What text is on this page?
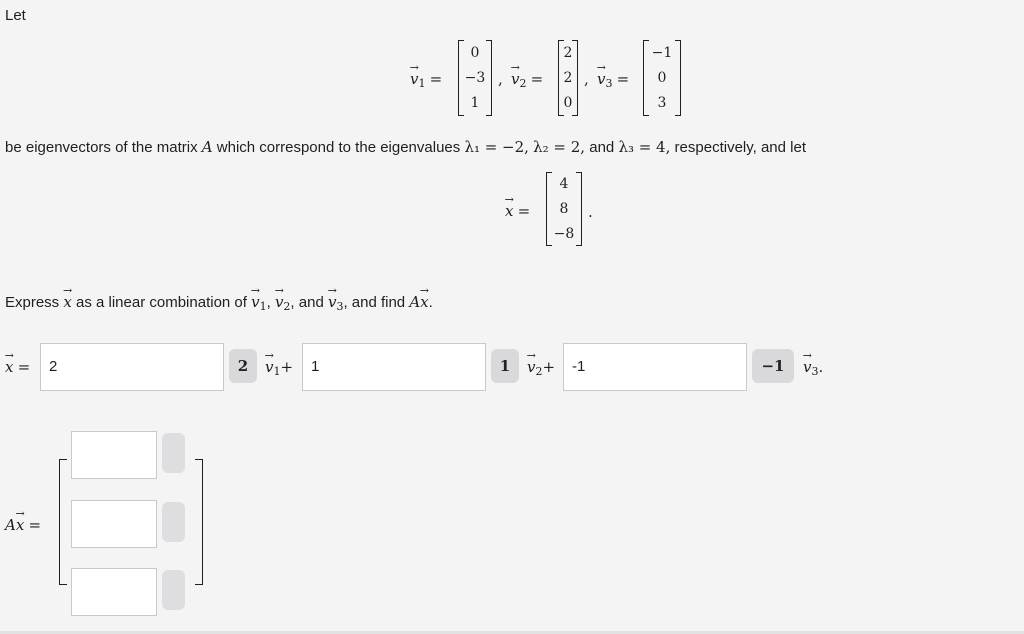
Let
→ $v_1$ =
0
−3
1
, → $v_2$ =
2
2
0
, → $v_3$ =
−1
0
3
be eigenvectors of the matrix A which correspond to the eigenvalues λ₁ = −2, λ₂ = 2, and λ₃ = 4, respectively, and let
→ x =
4
8
−8
.
Express → x as a linear combination of → $v_1$, → $v_2$, and → $v_3$, and find A→ x.
→ x =	2	2	→ $v_1+$	1	1	→ $v_2+$	-1	−1	→ $v_3$.
A→ x =
